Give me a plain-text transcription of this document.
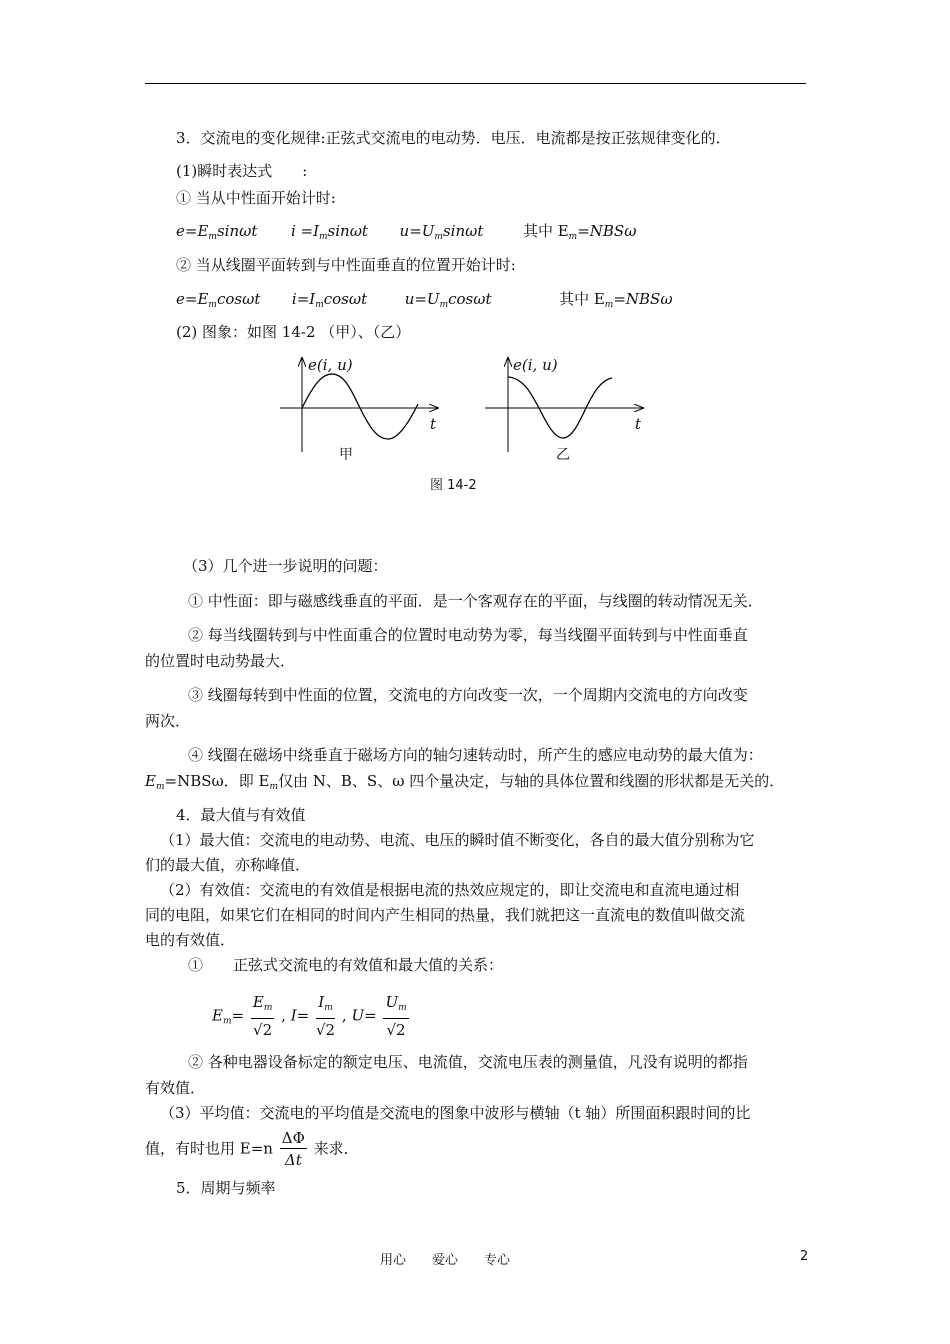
3．交流电的变化规律:正弦式交流电的电动势．电压．电流都是按正弦规律变化的．
(1)瞬时表达式　　:
① 当从中性面开始计时:
$e=E_m\sin\omega t$ $i =I_m\sin\omega t$ $u=U_m\sin\omega t$	其中 $E_m=NBS\omega$
② 当从线圈平面转到与中性面垂直的位置开始计时:
$e=E_m\cos\omega t$ $i=I_m\cos\omega t$	$u=U_m\cos\omega t$	其中 $E_m=NBS\omega$
(2) 图象：如图 14-2 （甲）、（乙）
e(i, u)
t
e(i, u)
t
甲	乙
图 14-2
（3）几个进一步说明的问题：
① 中性面：即与磁感线垂直的平面．是一个客观存在的平面，与线圈的转动情况无关．
② 每当线圈转到与中性面重合的位置时电动势为零，每当线圈平面转到与中性面垂直
的位置时电动势最大．
③ 线圈每转到中性面的位置，交流电的方向改变一次，一个周期内交流电的方向改变
两次．
④ 线圈在磁场中绕垂直于磁场方向的轴匀速转动时，所产生的感应电动势的最大值为：
$E_m=NBS\omega$．即 $E_m$仅由 N、B、S、ω 四个量决定，与轴的具体位置和线圈的形状都是无关的．
4．最大值与有效值
（1）最大值：交流电的电动势、电流、电压的瞬时值不断变化，各自的最大值分别称为它
们的最大值，亦称峰值．
（2）有效值：交流电的有效值是根据电流的热效应规定的，即让交流电和直流电通过相
同的电阻，如果它们在相同的时间内产生相同的热量，我们就把这一直流电的数值叫做交流
电的有效值．
①　　正弦式交流电的有效值和最大值的关系：
$E_m= \frac{E_m}{√2}$ , $I= \frac{I_m}{√2}$ , $U= \frac{U_m}{√2}$
② 各种电器设备标定的额定电压、电流值，交流电压表的测量值，凡没有说明的都指
有效值．
（3）平均值：交流电的平均值是交流电的图象中波形与横轴（t 轴）所围面积跟时间的比
值，有时也用 $E=n \frac{\Delta\Phi}{\Delta t}$ 来求．
5．周期与频率
用心　　爱心　　专心	2
